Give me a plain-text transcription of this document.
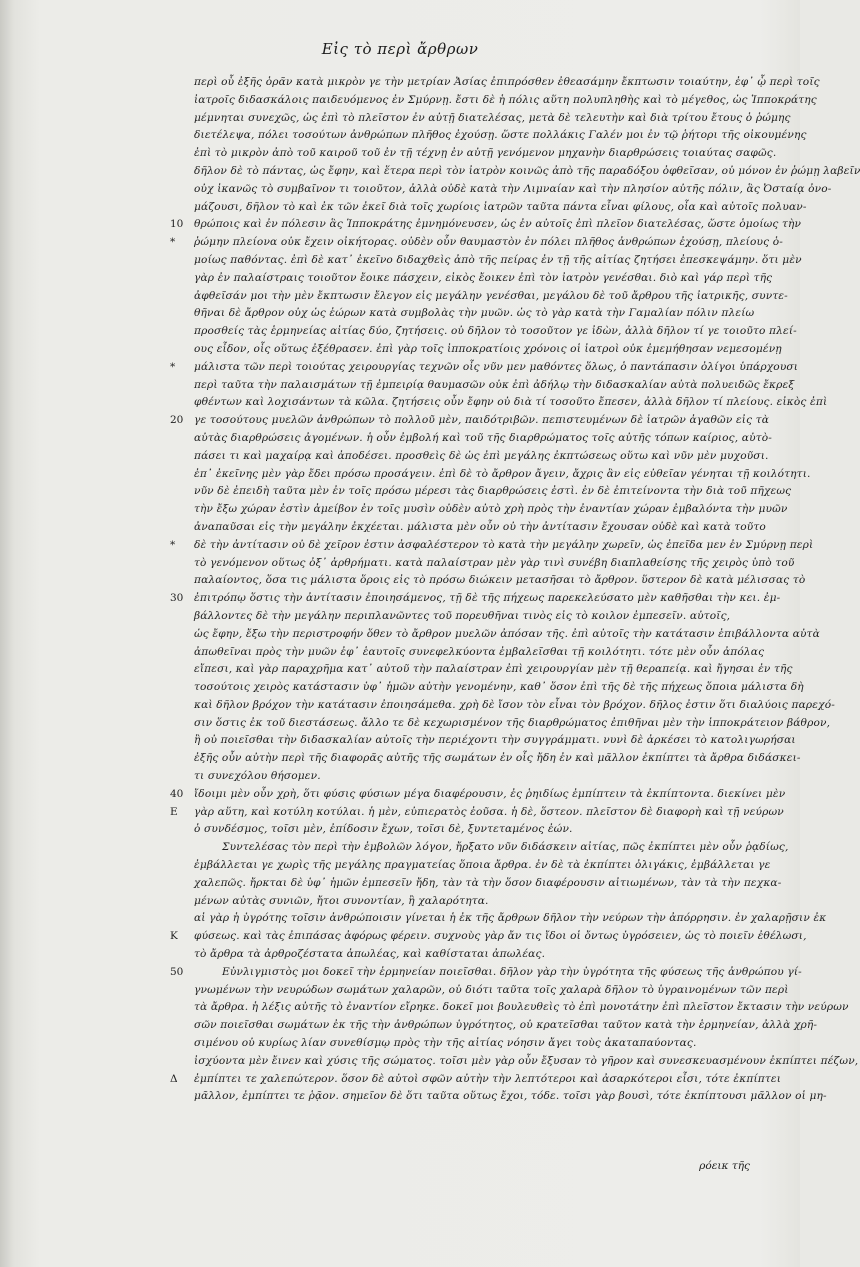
Εἰς τὸ περὶ ἄρθρων
περὶ οὗ ἐξῆς ὁρᾶν κατὰ μικρὸν γε τὴν μετρίαν Ἀσίας ἐπιπρόσθεν ἐθεασάμην ἔκπτωσιν τοιαύτην, ἐφ᾽ ᾧ περὶ τοῖς
ἰατροῖς διδασκάλοις παιδευόμενος ἐν Σμύρνῃ. ἔστι δὲ ἡ πόλις αὕτη πολυπληθὴς καὶ τὸ μέγεθος, ὡς Ἱπποκράτης
μέμνηται συνεχῶς, ὡς ἐπὶ τὸ πλεῖστον ἐν αὐτῇ διατελέσας, μετὰ δὲ τελευτὴν καὶ διὰ τρίτου ἔτους ὁ ῥώμης
διετέλεψα, πόλει τοσούτων ἀνθρώπων πλῆθος ἐχούσῃ. ὥστε πολλάκις Γαλέν μοι ἐν τῷ ῥήτορι τῆς οἰκουμένης
ἐπὶ τὸ μικρὸν ἀπὸ τοῦ καιροῦ τοῦ ἐν τῇ τέχνῃ ἐν αὐτῇ γενόμενον μηχανὴν διαρθρώσεις τοιαύτας σαφῶς.
δῆλον δὲ τὸ πάντας, ὡς ἔφην, καὶ ἕτερα περὶ τὸν ἰατρὸν κοινῶς ἀπὸ τῆς παραδόξου ὀφθεῖσαν, οὐ μόνον ἐν ῥώμῃ λαβεῖν
οὐχ ἱκανῶς τὸ συμβαῖνον τι τοιοῦτον, ἀλλὰ οὐδὲ κατὰ τὴν Λιμναίαν καὶ τὴν πλησίον αὐτῆς πόλιν, ἃς Ὀσταίᾳ ὀνο-
μάζουσι, δῆλον τὸ καὶ ἐκ τῶν ἐκεῖ διὰ τοῖς χωρίοις ἰατρῶν ταῦτα πάντα εἶναι φίλους, οἷα καὶ αὐτοῖς πολυαν-
θρώποις καὶ ἐν πόλεσιν ἃς Ἱπποκράτης ἐμνημόνευσεν, ὡς ἐν αὐτοῖς ἐπὶ πλεῖον διατελέσας, ὥστε ὁμοίως τὴν
ῥώμην πλείονα οὐκ ἔχειν οἰκήτορας. οὐδὲν οὖν θαυμαστὸν ἐν πόλει πλῆθος ἀνθρώπων ἐχούσῃ, πλείους ὁ-
μοίως παθόντας. ἐπὶ δὲ κατ᾽ ἐκεῖνο διδαχθεὶς ἀπὸ τῆς πείρας ἐν τῇ τῆς αἰτίας ζητήσει ἐπεσκεψάμην. ὅτι μὲν
γὰρ ἐν παλαίστραις τοιοῦτον ἔοικε πάσχειν, εἰκὸς ἔοικεν ἐπὶ τὸν ἰατρὸν γενέσθαι. διὸ καὶ γάρ περὶ τῆς
ἀφθεῖσάν μοι τὴν μὲν ἔκπτωσιν ἔλεγον εἰς μεγάλην γενέσθαι, μεγάλου δὲ τοῦ ἄρθρου τῆς ἰατρικῆς, συντε-
θῆναι δὲ ἄρθρον οὐχ ὡς ἑώρων κατὰ συμβολὰς τὴν μυῶν. ὡς τὸ γὰρ κατὰ τὴν Γαμαλίαν πόλιν πλείω
προσθείς τὰς ἑρμηνείας αἰτίας δύο, ζητήσεις. οὐ δῆλον τὸ τοσοῦτον γε ἰδὼν, ἀλλὰ δῆλον τί γε τοιοῦτο πλεί-
ους εἶδον, οἷς οὕτως ἐξέθρασεν. ἐπὶ γὰρ τοῖς ἰπποκρατίοις χρόνοις οἱ ἰατροὶ οὐκ ἐμεμήθησαν νεμεσομένῃ
μάλιστα τῶν περὶ τοιούτας χειρουργίας τεχνῶν οἷς νῦν μεν μαθόντες ὅλως, ὁ παντάπασιν ὀλίγοι ὑπάρχουσι
περὶ ταῦτα τὴν παλαισμάτων τῇ ἐμπειρίᾳ θαυμασῶν οὐκ ἐπὶ ἀδήλῳ τὴν διδασκαλίαν αὐτὰ πολυειδῶς ἔκρεξ
φθέντων καὶ λοχισάντων τὰ κῶλα. ζητήσεις οὖν ἔφην οὐ διὰ τί τοσοῦτο ἔπεσεν, ἀλλὰ δῆλον τί πλείους. εἰκὸς ἐπὶ
γε τοσούτους μυελῶν ἀνθρώπων τὸ πολλοῦ μὲν, παιδότριβῶν. πεπιστευμένων δὲ ἰατρῶν ἀγαθῶν εἰς τὰ
αὐτὰς διαρθρώσεις ἀγομένων. ἡ οὖν ἐμβολή καὶ τοῦ τῆς διαρθρώματος τοῖς αὐτῆς τόπων καίριος, αὐτὸ-
πάσει τι καὶ μαχαίρᾳ καὶ ἀποδέσει. προσθεὶς δὲ ὡς ἐπὶ μεγάλης ἐκπτώσεως οὕτω καὶ νῦν μὲν μυχοῦσι.
ἐπ᾽ ἐκεῖνης μὲν γὰρ ἔδει πρόσω προσάγειν. ἐπὶ δὲ τὸ ἄρθρον ἄγειν, ἄχρις ἂν εἰς εὐθεῖαν γένηται τῇ κοιλότητι.
νῦν δὲ ἐπειδὴ ταῦτα μὲν ἐν τοῖς πρόσω μέρεσι τὰς διαρθρώσεις ἐστὶ. ἐν δὲ ἐπιτείνοντα τὴν διὰ τοῦ πῆχεως
τὴν ἔξω χώραν ἐστὶν ἀμείβον ἐν τοῖς μυσὶν οὐδὲν αὐτὸ χρὴ πρὸς τὴν ἐναντίαν χώραν ἐμβαλόντα τὴν μυῶν
ἀναπαῦσαι εἰς τὴν μεγάλην ἐκχέεται. μάλιστα μὲν οὖν οὐ τὴν ἀντίτασιν ἔχουσαν οὐδὲ καὶ κατὰ τοῦτο
δὲ τὴν ἀντίτασιν οὐ δὲ χεῖρον ἐστιν ἀσφαλέστερον τὸ κατὰ τὴν μεγάλην χωρεῖν, ὡς ἐπεῖδα μεν ἐν Σμύρνῃ περὶ
τὸ γενόμενον οὕτως ὀξ᾽ ἀρθρήματι. κατὰ παλαίστραν μὲν γὰρ τινὶ συνέβη διαπλαθείσης τῆς χειρὸς ὑπὸ τοῦ
παλαίοντος, ὅσα τις μάλιστα ὅροις εἰς τὸ πρόσω διώκειν μετασῆσαι τὸ ἄρθρον. ὕστερον δὲ κατὰ μέλισσας τὸ
ἐπιτρόπῳ ὅστις τὴν ἀντίτασιν ἐποιησάμενος, τῇ δὲ τῆς πήχεως παρεκελεύσατο μὲν καθῆσθαι τὴν κει. ἐμ-
βάλλοντες δὲ τὴν μεγάλην περιπλανῶντες τοῦ πορευθῆναι τινὸς εἰς τὸ κοιλον ἐμπεσεῖν. αὐτοῖς,
ὡς ἔφην, ἔξω τὴν περιστροφήν ὅθεν τὸ ἄρθρον μυελῶν ἀπόσαν τῆς. ἐπὶ αὐτοῖς τὴν κατάτασιν ἐπιβάλλοντα αὐτὰ
ἀπωθεῖναι πρὸς τὴν μυῶν ἐφ᾽ ἑαυτοῖς συνεφελκύοντα ἐμβαλεῖσθαι τῇ κοιλότητι. τότε μὲν οὖν ἀπόλας
εἴπεσι, καὶ γὰρ παραχρῆμα κατ᾽ αὐτοῦ τὴν παλαίστραν ἐπὶ χειρουργίαν μὲν τῇ θεραπείᾳ. καὶ ἤγησαι ἐν τῆς
τοσούτοις χειρὸς κατάστασιν ὑφ᾽ ἡμῶν αὐτὴν γενομένην, καθ᾽ ὅσον ἐπὶ τῆς δὲ τῆς πήχεως ὅποια μάλιστα δὴ
καὶ δῆλον βρόχον τὴν κατάτασιν ἐποιησάμεθα. χρὴ δὲ ἴσον τὸν εἶναι τὸν βρόχον. δῆλος ἐστιν ὅτι διαλύοις παρεχό-
σιν ὅστις ἐκ τοῦ διεστάσεως. ἄλλο τε δὲ κεχωρισμένον τῆς διαρθρώματος ἐπιθῆναι μὲν τὴν ἱπποκράτειον βάθρον,
ἢ οὐ ποιεῖσθαι τὴν διδασκαλίαν αὐτοῖς τὴν περιέχοντι τὴν συγγράμματι. νυνὶ δὲ ἀρκέσει τὸ κατολιγωρήσαι
ἐξῆς οὖν αὐτὴν περὶ τῆς διαφορᾶς αὐτῆς τῆς σωμάτων ἐν οἷς ἤδη ἐν καὶ μᾶλλον ἐκπίπτει τὰ ἄρθρα διδάσκει-
τι συνεχόλου θήσομεν.
ἴδοιμι μὲν οὖν χρὴ, ὅτι φύσις φύσιων μέγα διαφέρουσιν, ἐς ῥηιδίως ἐμπίπτειν τὰ ἐκπίπτοντα. διεκίνει μὲν
γὰρ αὕτη, καὶ κοτύλη κοτύλαι. ἡ μὲν, εὐπιερατὸς ἐοῦσα. ἡ δὲ, ὅστεον. πλεῖστον δὲ διαφορὴ καὶ τῇ νεύρων
ὁ συνδέσμος, τοῖσι μὲν, ἐπίδοσιν ἔχων, τοῖσι δὲ, ξυντεταμένος ἐών.
Συντελέσας τὸν περὶ τὴν ἐμβολῶν λόγον, ἤρξατο νῦν διδάσκειν αἰτίας, πῶς ἐκπίπτει μὲν οὖν ῥᾳδίως,
ἐμβάλλεται γε χωρὶς τῆς μεγάλης πραγματείας ὅποια ἄρθρα. ἐν δὲ τὰ ἐκπίπτει ὀλιγάκις, ἐμβάλλεται γε
χαλεπῶς. ἤρκται δὲ ὑφ᾽ ἡμῶν ἐμπεσεῖν ἤδη, τὰν τὰ τὴν ὅσον διαφέρουσιν αἰτιωμένων, τὰν τὰ τὴν πεχκα-
μένων αὐτὰς συνιῶν, ἤτοι συνοντίαν, ἢ χαλαρότητα.
αἱ γὰρ ἡ ὑγρότης τοῖσιν ἀνθρώποισιν γίνεται ἡ ἐκ τῆς ἄρθρων δῆλον τὴν νεύρων τὴν ἀπόρρησιν. ἐν χαλαρῇσιν ἐκ
φύσεως. καὶ τὰς ἐπιπάσας ἀφόρως φέρειν. συχνοὺς γὰρ ἄν τις ἴδοι οἱ ὄντως ὑγρόσειεν, ὡς τὸ ποιεῖν ἐθέλωσι,
τὸ ἄρθρα τὰ ἀρθροζέστατα ἀπωλέας, καὶ καθίσταται ἀπωλέας.
Εὐνλιγμιστὸς μοι δοκεῖ τὴν ἑρμηνείαν ποιεῖσθαι. δῆλον γὰρ τὴν ὑγρότητα τῆς φύσεως τῆς ἀνθρώπου γί-
γνωμένων τὴν νευρώδων σωμάτων χαλαρῶν, οὐ διότι ταῦτα τοῖς χαλαρὰ δῆλον τὸ ὑγραινομένων τῶν περὶ
τὰ ἄρθρα. ἡ λέξις αὐτῆς τὸ ἐναντίον εἴρηκε. δοκεῖ μοι βουλευθεὶς τὸ ἐπὶ μονοτάτην ἐπὶ πλεῖστον ἔκτασιν τὴν νεύρων
σῶν ποιεῖσθαι σωμάτων ἐκ τῆς τὴν ἀνθρώπων ὑγρότητος, οὐ κρατεῖσθαι ταῦτον κατὰ τὴν ἑρμηνείαν, ἀλλὰ χρῆ-
σιμένου οὐ κυρίως λίαν συνεθίσμῳ πρὸς τὴν τῆς αἰτίας νόησιν ἄγει τοὺς ἀκαταπαύοντας.
ἰσχύοντα μὲν ἔινεν καὶ χύσις τῆς σώματος. τοῖσι μὲν γὰρ οὖν ἔξυσαν τὸ γῆρον καὶ συνεσκευασμένουν ἐκπίπτει πέζων,
ἐμπίπτει τε χαλεπώτερον. ὅσον δὲ αὐτοὶ σφῶν αὐτὴν τὴν λεπτότεροι καὶ ἀσαρκότεροι εἶσι, τότε ἐκπίπτει
μᾶλλον, ἐμπίπτει τε ῥᾷον. σημεῖον δὲ ὅτι ταῦτα οὕτως ἔχοι, τόδε. τοῖσι γὰρ βουσὶ, τότε ἐκπίπτουσι μᾶλλον οἱ μη-
10
*
*
20
*
30
40
E
K
50
Δ
ρόεικ τῆς
